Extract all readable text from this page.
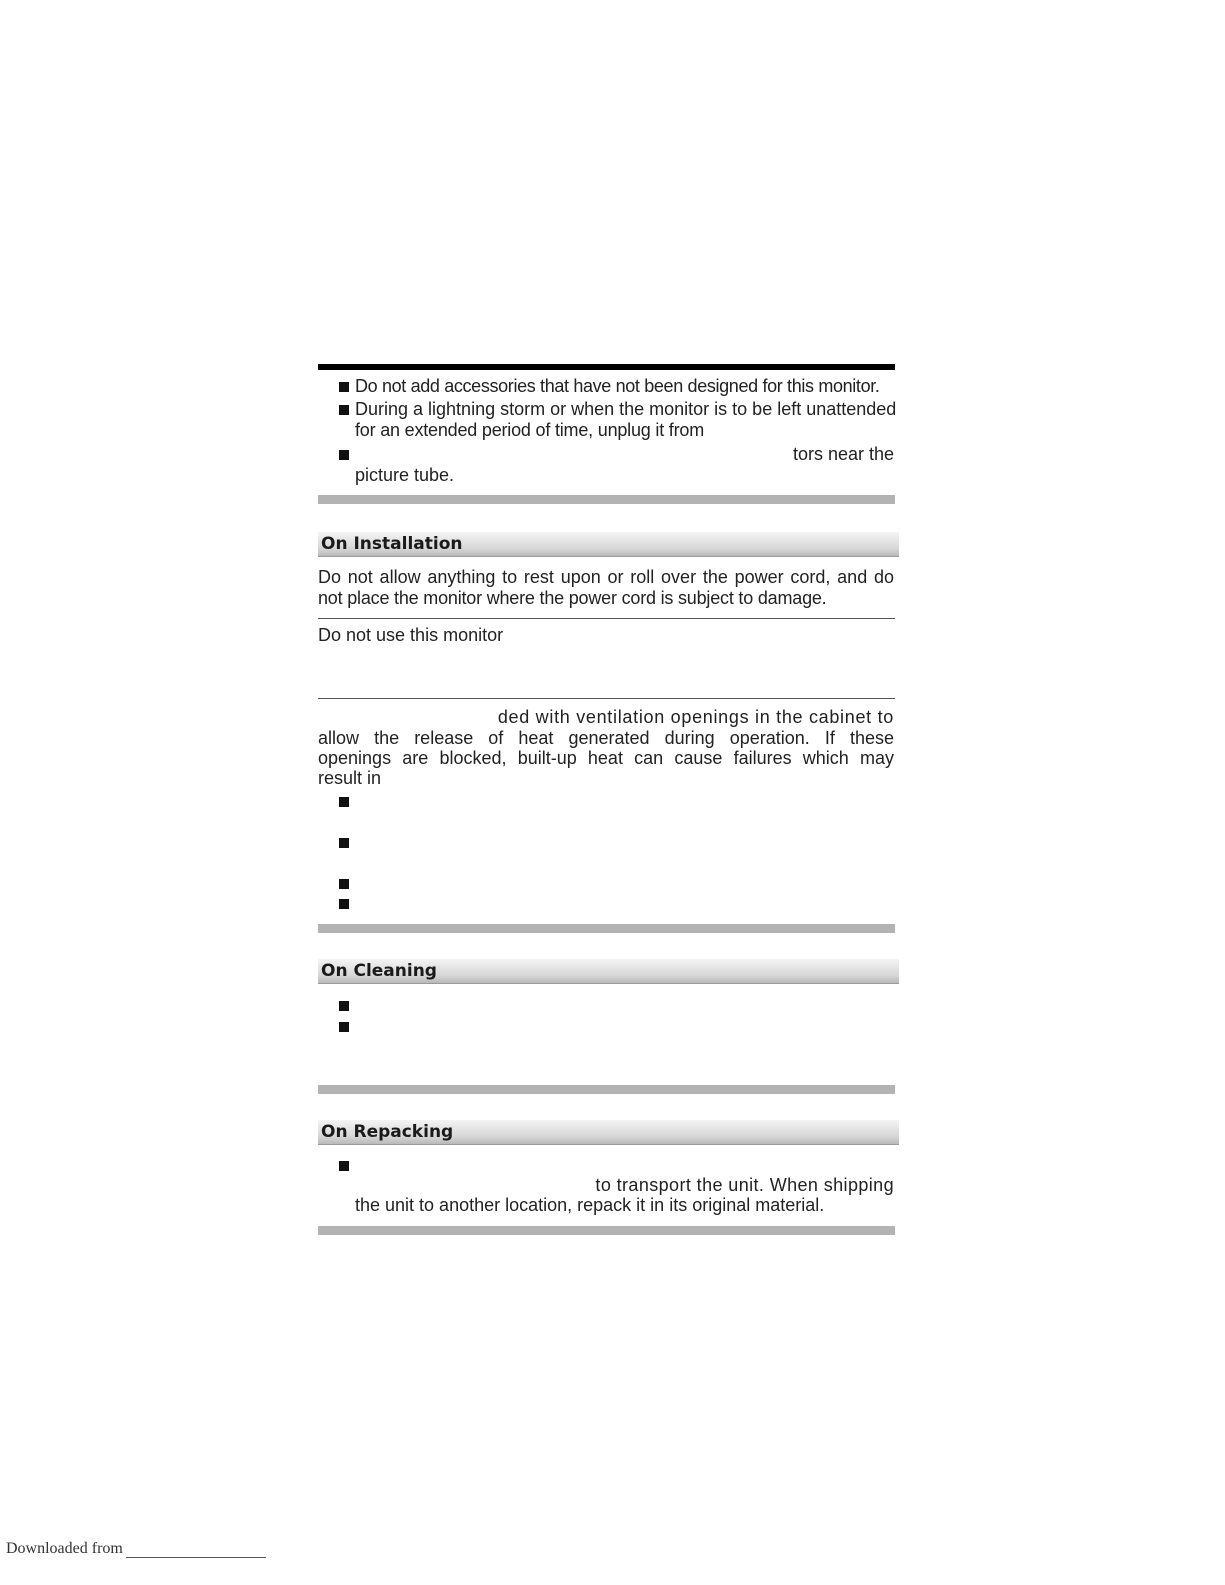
Do not add accessories that have not been designed for this monitor.
During a lightning storm or when the monitor is to be left unattended
for an extended period of time, unplug it from
tors near the
picture tube.
On Installation
Do not allow anything to rest upon or roll over the power cord, and do
not place the monitor where the power cord is subject to damage.
Do not use this monitor
ded with ventilation openings in the cabinet to
allow the release of heat generated during operation. If these
openings are blocked, built-up heat can cause failures which may
result in
On Cleaning
On Repacking
to transport the unit. When shipping
the unit to another location, repack it in its original material.
Downloaded from
